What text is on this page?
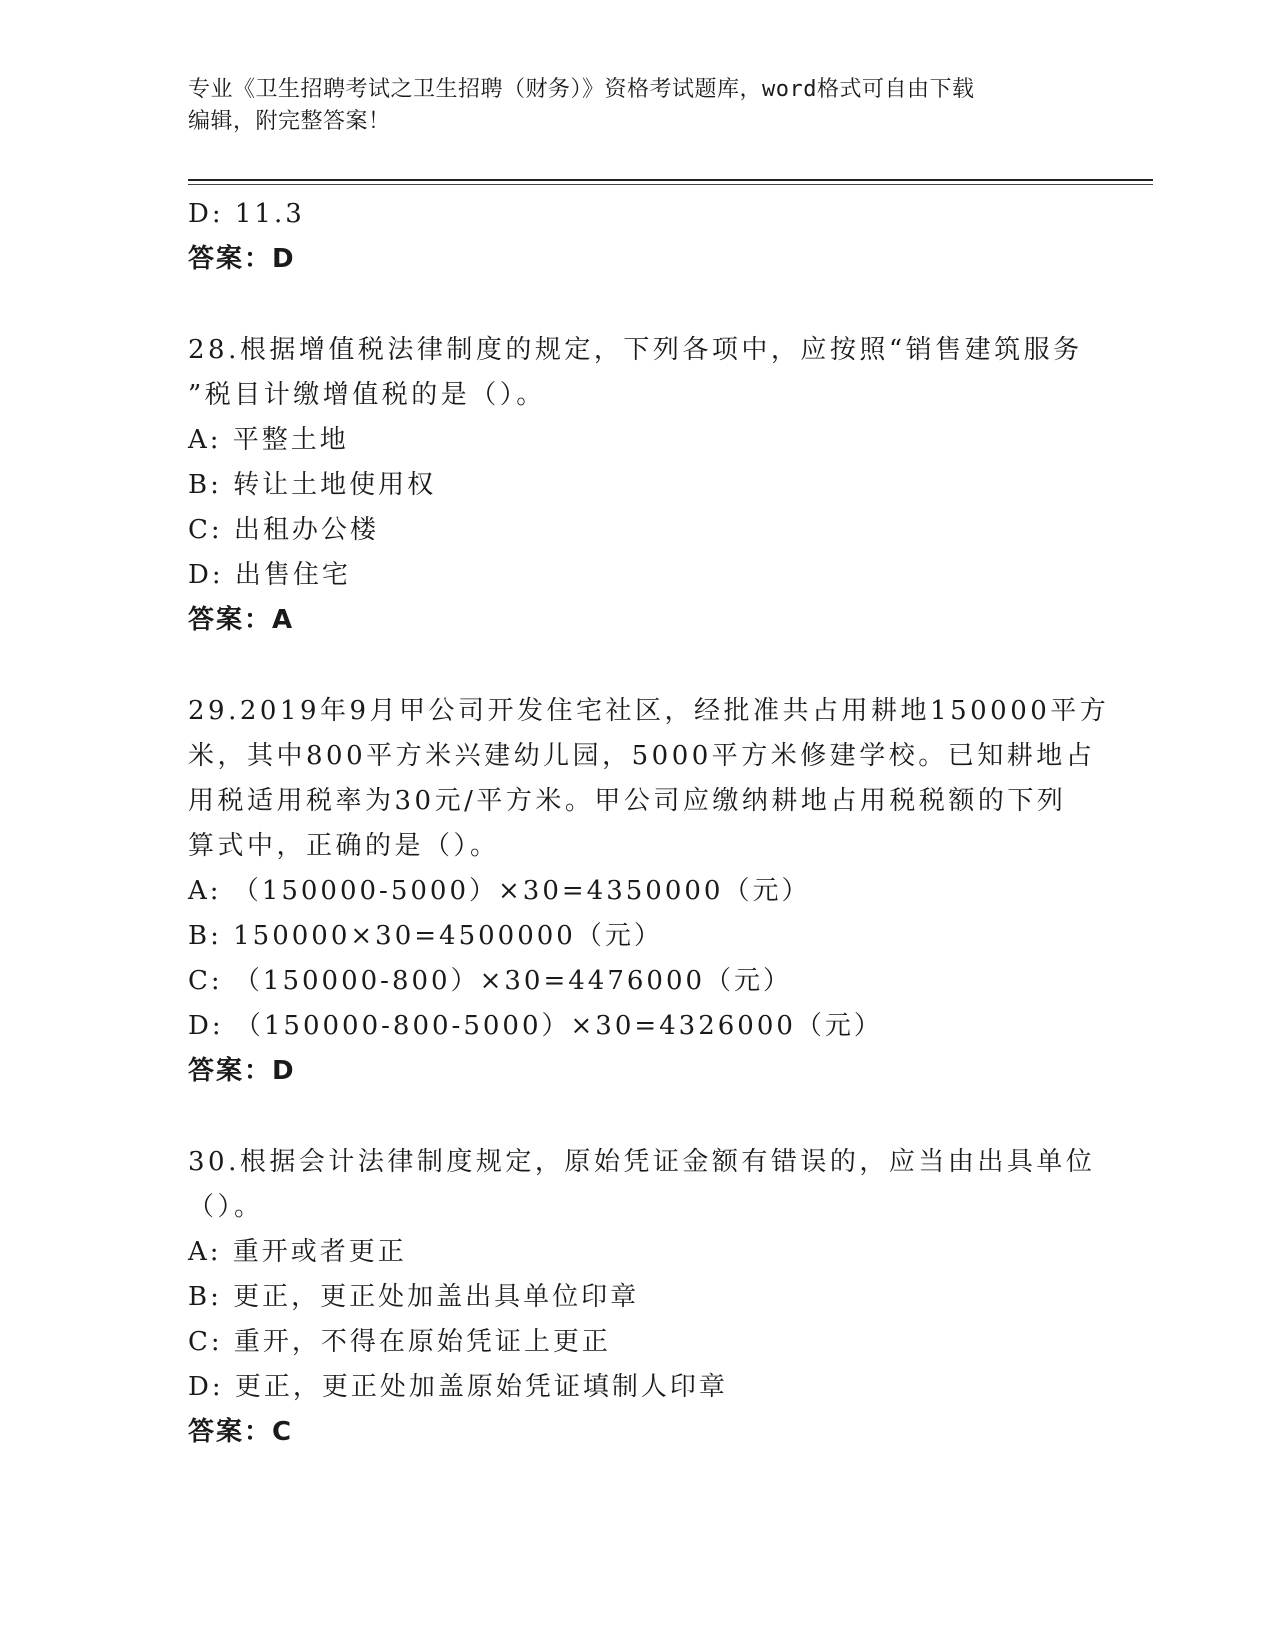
专业《卫生招聘考试之卫生招聘（财务）》资格考试题库，word格式可自由下载
编辑，附完整答案！
D: 11.3
答案：D
28.根据增值税法律制度的规定，下列各项中，应按照“销售建筑服务
”税目计缴增值税的是（）。
A: 平整土地
B: 转让土地使用权
C: 出租办公楼
D: 出售住宅
答案：A
29.2019年9月甲公司开发住宅社区，经批准共占用耕地150000平方
米，其中800平方米兴建幼儿园，5000平方米修建学校。已知耕地占
用税适用税率为30元/平方米。甲公司应缴纳耕地占用税税额的下列
算式中，正确的是（）。
A: （150000-5000）×30=4350000（元）
B: 150000×30=4500000（元）
C: （150000-800）×30=4476000（元）
D: （150000-800-5000）×30=4326000（元）
答案：D
30.根据会计法律制度规定，原始凭证金额有错误的，应当由出具单位
（）。
A: 重开或者更正
B: 更正，更正处加盖出具单位印章
C: 重开，不得在原始凭证上更正
D: 更正，更正处加盖原始凭证填制人印章
答案：C
